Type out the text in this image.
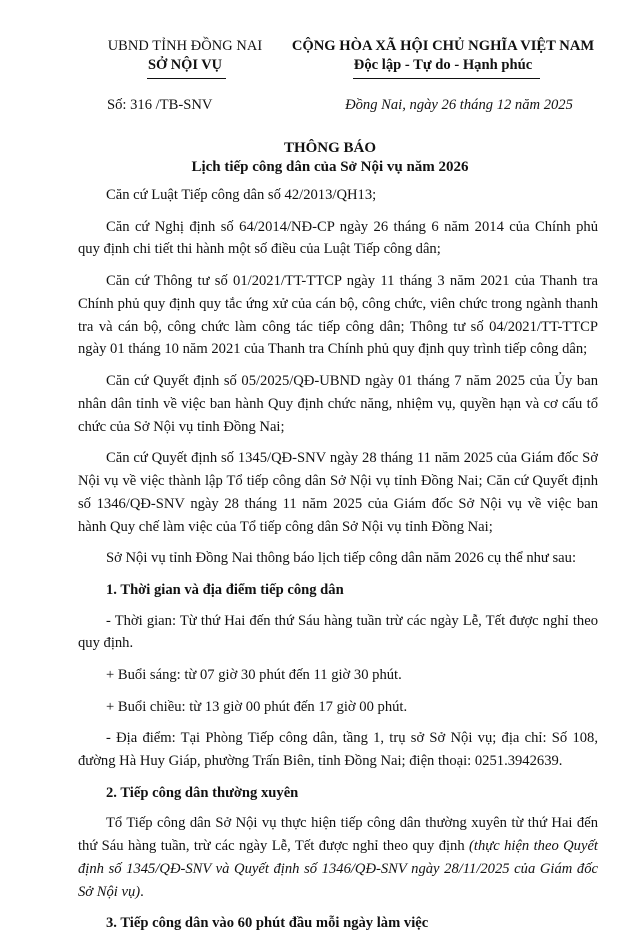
UBND TỈNH ĐỒNG NAI
SỞ NỘI VỤ
CỘNG HÒA XÃ HỘI CHỦ NGHĨA VIỆT NAM
Độc lập - Tự do - Hạnh phúc
Số: 316 /TB-SNV	Đồng Nai, ngày 26 tháng 12 năm 2025
THÔNG BÁO
Lịch tiếp công dân của Sở Nội vụ năm 2026

Căn cứ Luật Tiếp công dân số 42/2013/QH13;

Căn cứ Nghị định số 64/2014/NĐ-CP ngày 26 tháng 6 năm 2014 của Chính phủ quy định chi tiết thi hành một số điều của Luật Tiếp công dân;

Căn cứ Thông tư số 01/2021/TT-TTCP ngày 11 tháng 3 năm 2021 của Thanh tra Chính phủ quy định quy tắc ứng xử của cán bộ, công chức, viên chức trong ngành thanh tra và cán bộ, công chức làm công tác tiếp công dân; Thông tư số 04/2021/TT-TTCP ngày 01 tháng 10 năm 2021 của Thanh tra Chính phủ quy định quy trình tiếp công dân;

Căn cứ Quyết định số 05/2025/QĐ-UBND ngày 01 tháng 7 năm 2025 của Ủy ban nhân dân tỉnh về việc ban hành Quy định chức năng, nhiệm vụ, quyền hạn và cơ cấu tổ chức của Sở Nội vụ tỉnh Đồng Nai;

Căn cứ Quyết định số 1345/QĐ-SNV ngày 28 tháng 11 năm 2025 của Giám đốc Sở Nội vụ về việc thành lập Tổ tiếp công dân Sở Nội vụ tỉnh Đồng Nai; Căn cứ Quyết định số 1346/QĐ-SNV ngày 28 tháng 11 năm 2025 của Giám đốc Sở Nội vụ về việc ban hành Quy chế làm việc của Tổ tiếp công dân Sở Nội vụ tỉnh Đồng Nai;

Sở Nội vụ tỉnh Đồng Nai thông báo lịch tiếp công dân năm 2026 cụ thể như sau:

1. Thời gian và địa điểm tiếp công dân

- Thời gian: Từ thứ Hai đến thứ Sáu hàng tuần trừ các ngày Lễ, Tết được nghỉ theo quy định.

+ Buổi sáng: từ 07 giờ 30 phút đến 11 giờ 30 phút.

+ Buổi chiều: từ 13 giờ 00 phút đến 17 giờ 00 phút.

- Địa điểm: Tại Phòng Tiếp công dân, tầng 1, trụ sở Sở Nội vụ; địa chỉ: Số 108, đường Hà Huy Giáp, phường Trấn Biên, tỉnh Đồng Nai; điện thoại: 0251.3942639.

2. Tiếp công dân thường xuyên

Tổ Tiếp công dân Sở Nội vụ thực hiện tiếp công dân thường xuyên từ thứ Hai đến thứ Sáu hàng tuần, trừ các ngày Lễ, Tết được nghỉ theo quy định (thực hiện theo Quyết định số 1345/QĐ-SNV và Quyết định số 1346/QĐ-SNV ngày 28/11/2025 của Giám đốc Sở Nội vụ).

3. Tiếp công dân vào 60 phút đầu mỗi ngày làm việc
